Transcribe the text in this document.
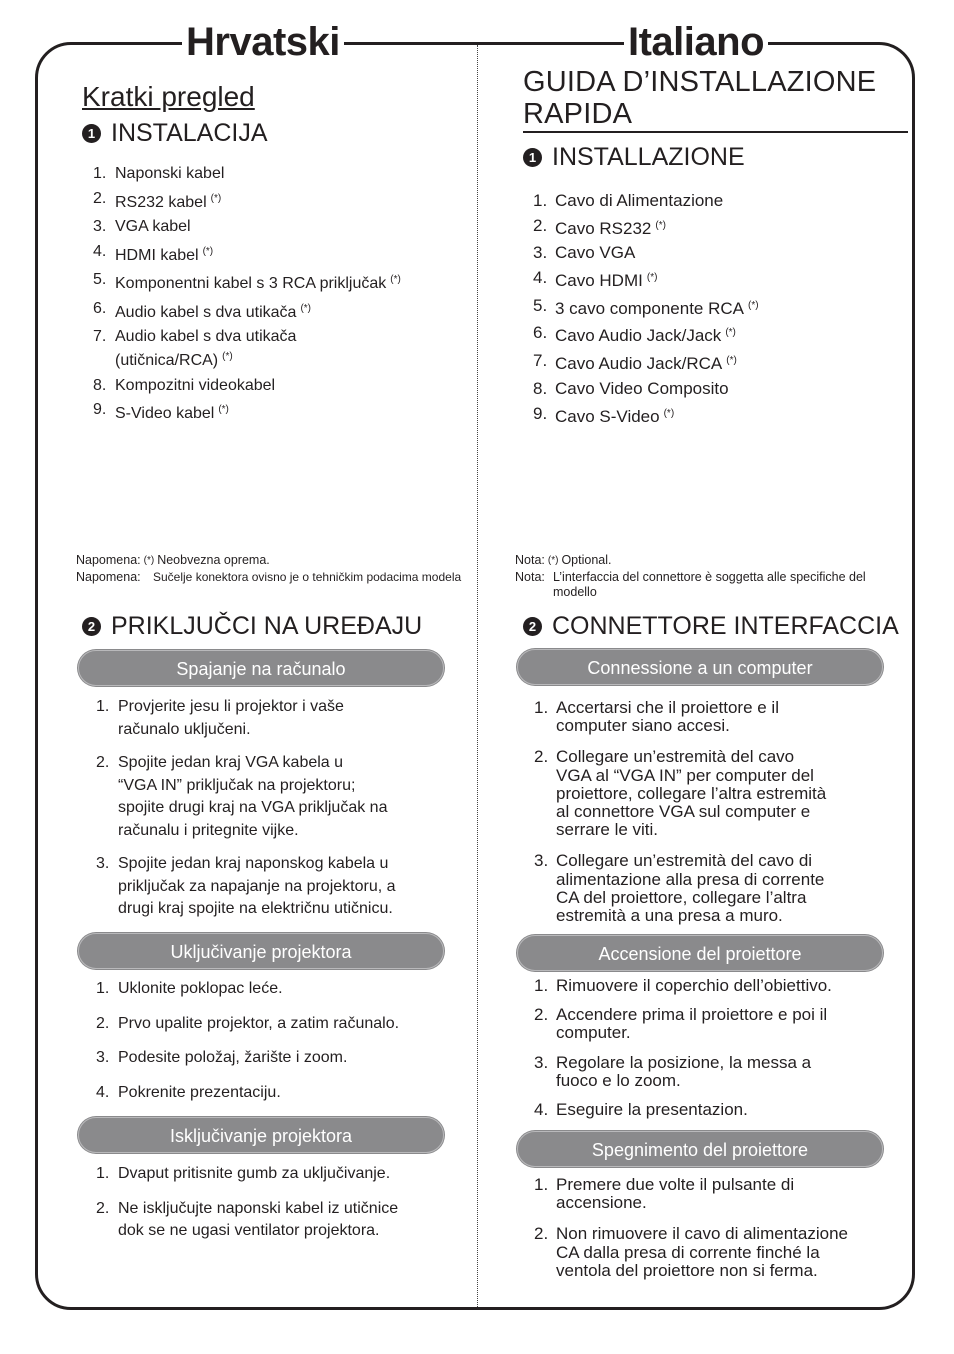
Hrvatski	Italiano
Kratki pregled
1 INSTALACIJA
1. Naponski kabel
2. RS232 kabel (*)
3. VGA kabel
4. HDMI kabel (*)
5. Komponentni kabel s 3 RCA priključak (*)
6. Audio kabel s dva utikača (*)
7. Audio kabel s dva utikača
(utičnica/RCA) (*)
8. Kompozitni videokabel
9. S-Video kabel (*)
Napomena: (*) Neobvezna oprema.
Napomena:	Sučelje konektora ovisno je o tehničkim podacima modela
2 PRIKLJUČCI NA UREĐAJU
Spajanje na računalo
1. Provjerite jesu li projektor i vaše
računalo uključeni.
2. Spojite jedan kraj VGA kabela u
“VGA IN” priključak na projektoru;
spojite drugi kraj na VGA priključak na
računalu i pritegnite vijke.
3. Spojite jedan kraj naponskog kabela u
priključak za napajanje na projektoru, a
drugi kraj spojite na električnu utičnicu.
Uključivanje projektora
1. Uklonite poklopac leće.
2. Prvo upalite projektor, a zatim računalo.
3. Podesite položaj, žarište i zoom.
4. Pokrenite prezentaciju.
Isključivanje projektora
1. Dvaput pritisnite gumb za uključivanje.
2. Ne isključujte naponski kabel iz utičnice
dok se ne ugasi ventilator projektora.
GUIDA D’INSTALLAZIONE
RAPIDA
1 INSTALLAZIONE
1. Cavo di Alimentazione
2. Cavo RS232 (*)
3. Cavo VGA
4. Cavo HDMI (*)
5. 3 cavo componente RCA (*)
6. Cavo Audio Jack/Jack (*)
7. Cavo Audio Jack/RCA (*)
8. Cavo Video Composito
9. Cavo S-Video (*)
Nota: (*) Optional.
Nota: L’interfaccia del connettore è soggetta alle specifiche del modello
2 CONNETTORE INTERFACCIA
Connessione a un computer
1. Accertarsi che il proiettore e il
computer siano accesi.
2. Collegare un’estremità del cavo
VGA al “VGA IN” per computer del
proiettore, collegare l’altra estremità
al connettore VGA sul computer e
serrare le viti.
3. Collegare un’estremità del cavo di
alimentazione alla presa di corrente
CA del proiettore, collegare l’altra
estremità a una presa a muro.
Accensione del proiettore
1. Rimuovere il coperchio dell’obiettivo.
2. Accendere prima il proiettore e poi il
computer.
3. Regolare la posizione, la messa a
fuoco e lo zoom.
4. Eseguire la presentazion.
Spegnimento del proiettore
1. Premere due volte il pulsante di
accensione.
2. Non rimuovere il cavo di alimentazione
CA dalla presa di corrente finché la
ventola del proiettore non si ferma.
